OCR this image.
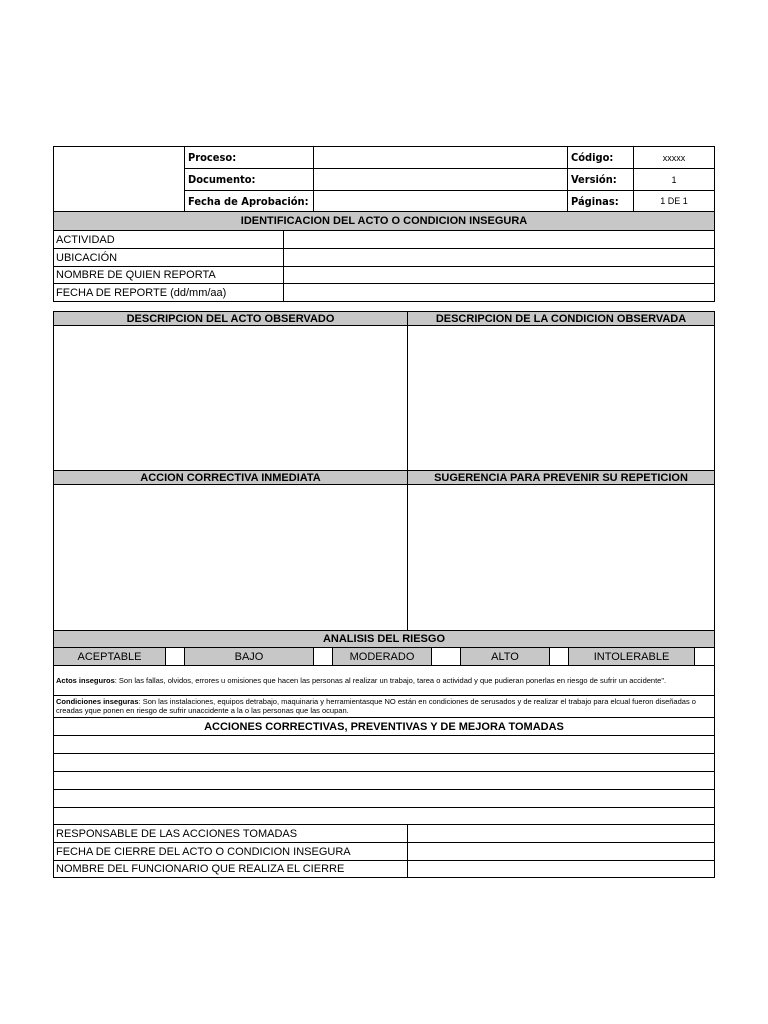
Proceso:	Código:	xxxxx
Documento:	Versión:	1
Fecha de Aprobación:	Páginas:	1 DE 1
IDENTIFICACION DEL ACTO O CONDICION INSEGURA
ACTIVIDAD
UBICACIÓN
NOMBRE DE QUIEN REPORTA
FECHA DE REPORTE (dd/mm/aa)
DESCRIPCION DEL ACTO OBSERVADO	DESCRIPCION DE LA CONDICION OBSERVADA
ACCION CORRECTIVA INMEDIATA	SUGERENCIA PARA PREVENIR SU REPETICION
ANALISIS DEL RIESGO
ACEPTABLE	BAJO	MODERADO	ALTO	INTOLERABLE
Actos inseguros: Son las fallas, olvidos, errores u omisiones que hacen las personas al realizar un trabajo, tarea o actividad y que pudieran ponerlas en riesgo de sufrir un accidente".
Condiciones inseguras: Son las instalaciones, equipos detrabajo, maquinaria y herramientasque NO están en condiciones de serusados y de realizar el trabajo para elcual fueron diseñadas o creadas yque ponen en riesgo de sufrir unaccidente a la o las personas que las ocupan.
ACCIONES CORRECTIVAS, PREVENTIVAS Y DE MEJORA TOMADAS
RESPONSABLE DE LAS ACCIONES TOMADAS
FECHA DE CIERRE DEL ACTO O CONDICION INSEGURA
NOMBRE DEL FUNCIONARIO QUE REALIZA EL CIERRE
